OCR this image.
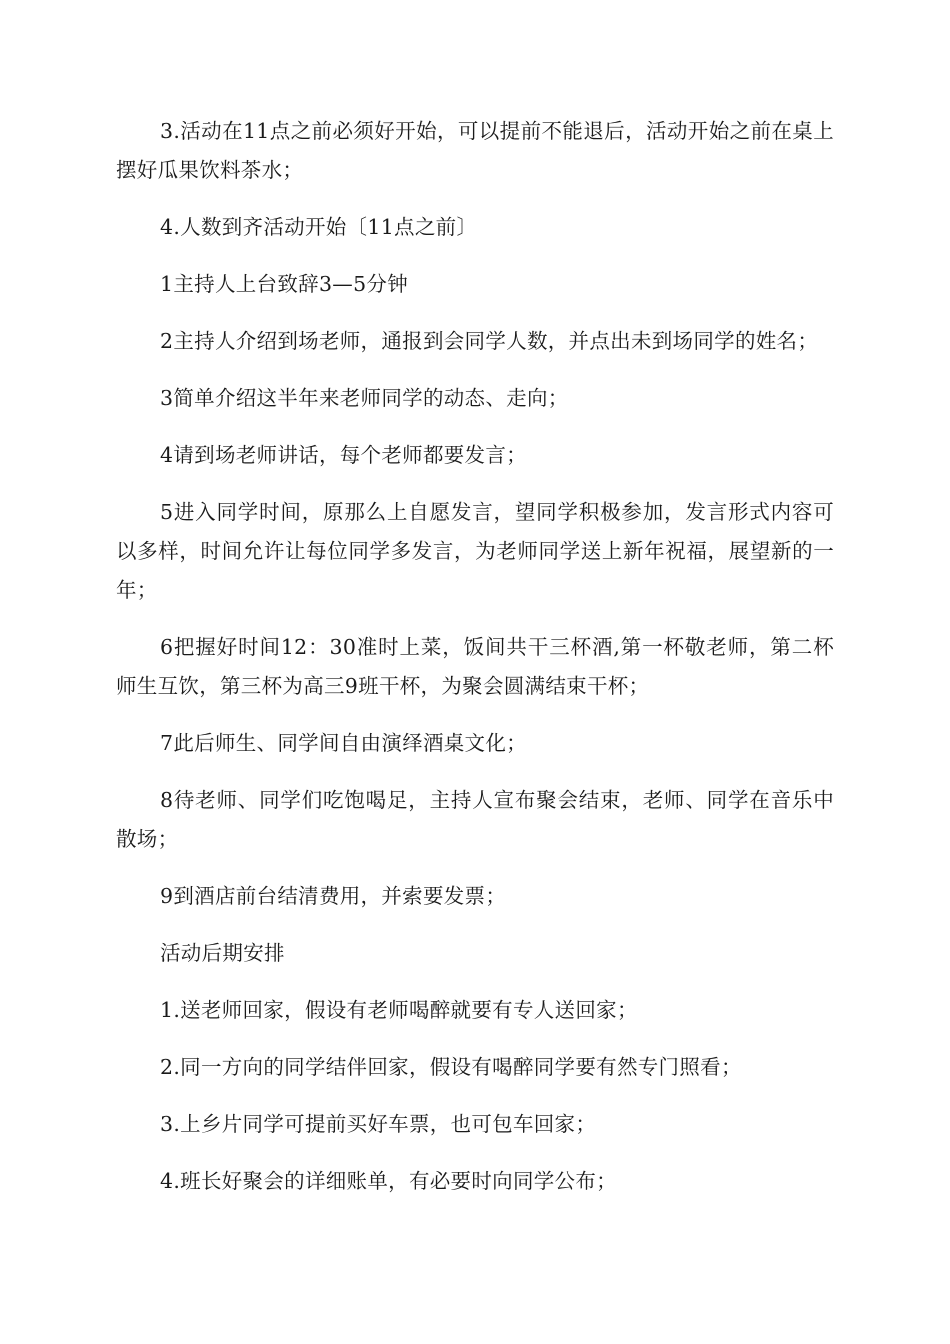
3.活动在11点之前必须好开始，可以提前不能退后，活动开始之前在桌上摆好瓜果饮料茶水；

4.人数到齐活动开始〔11点之前〕

1主持人上台致辞3—5分钟

2主持人介绍到场老师，通报到会同学人数，并点出未到场同学的姓名；

3简单介绍这半年来老师同学的动态、走向；

4请到场老师讲话，每个老师都要发言；

5进入同学时间，原那么上自愿发言，望同学积极参加，发言形式内容可以多样，时间允许让每位同学多发言，为老师同学送上新年祝福，展望新的一年；

6把握好时间12：30准时上菜，饭间共干三杯酒,第一杯敬老师，第二杯师生互饮，第三杯为高三9班干杯，为聚会圆满结束干杯；

7此后师生、同学间自由演绎酒桌文化；

8待老师、同学们吃饱喝足，主持人宣布聚会结束，老师、同学在音乐中散场；

9到酒店前台结清费用，并索要发票；

活动后期安排

1.送老师回家，假设有老师喝醉就要有专人送回家；

2.同一方向的同学结伴回家，假设有喝醉同学要有然专门照看；

3.上乡片同学可提前买好车票，也可包车回家；

4.班长好聚会的详细账单，有必要时向同学公布；
